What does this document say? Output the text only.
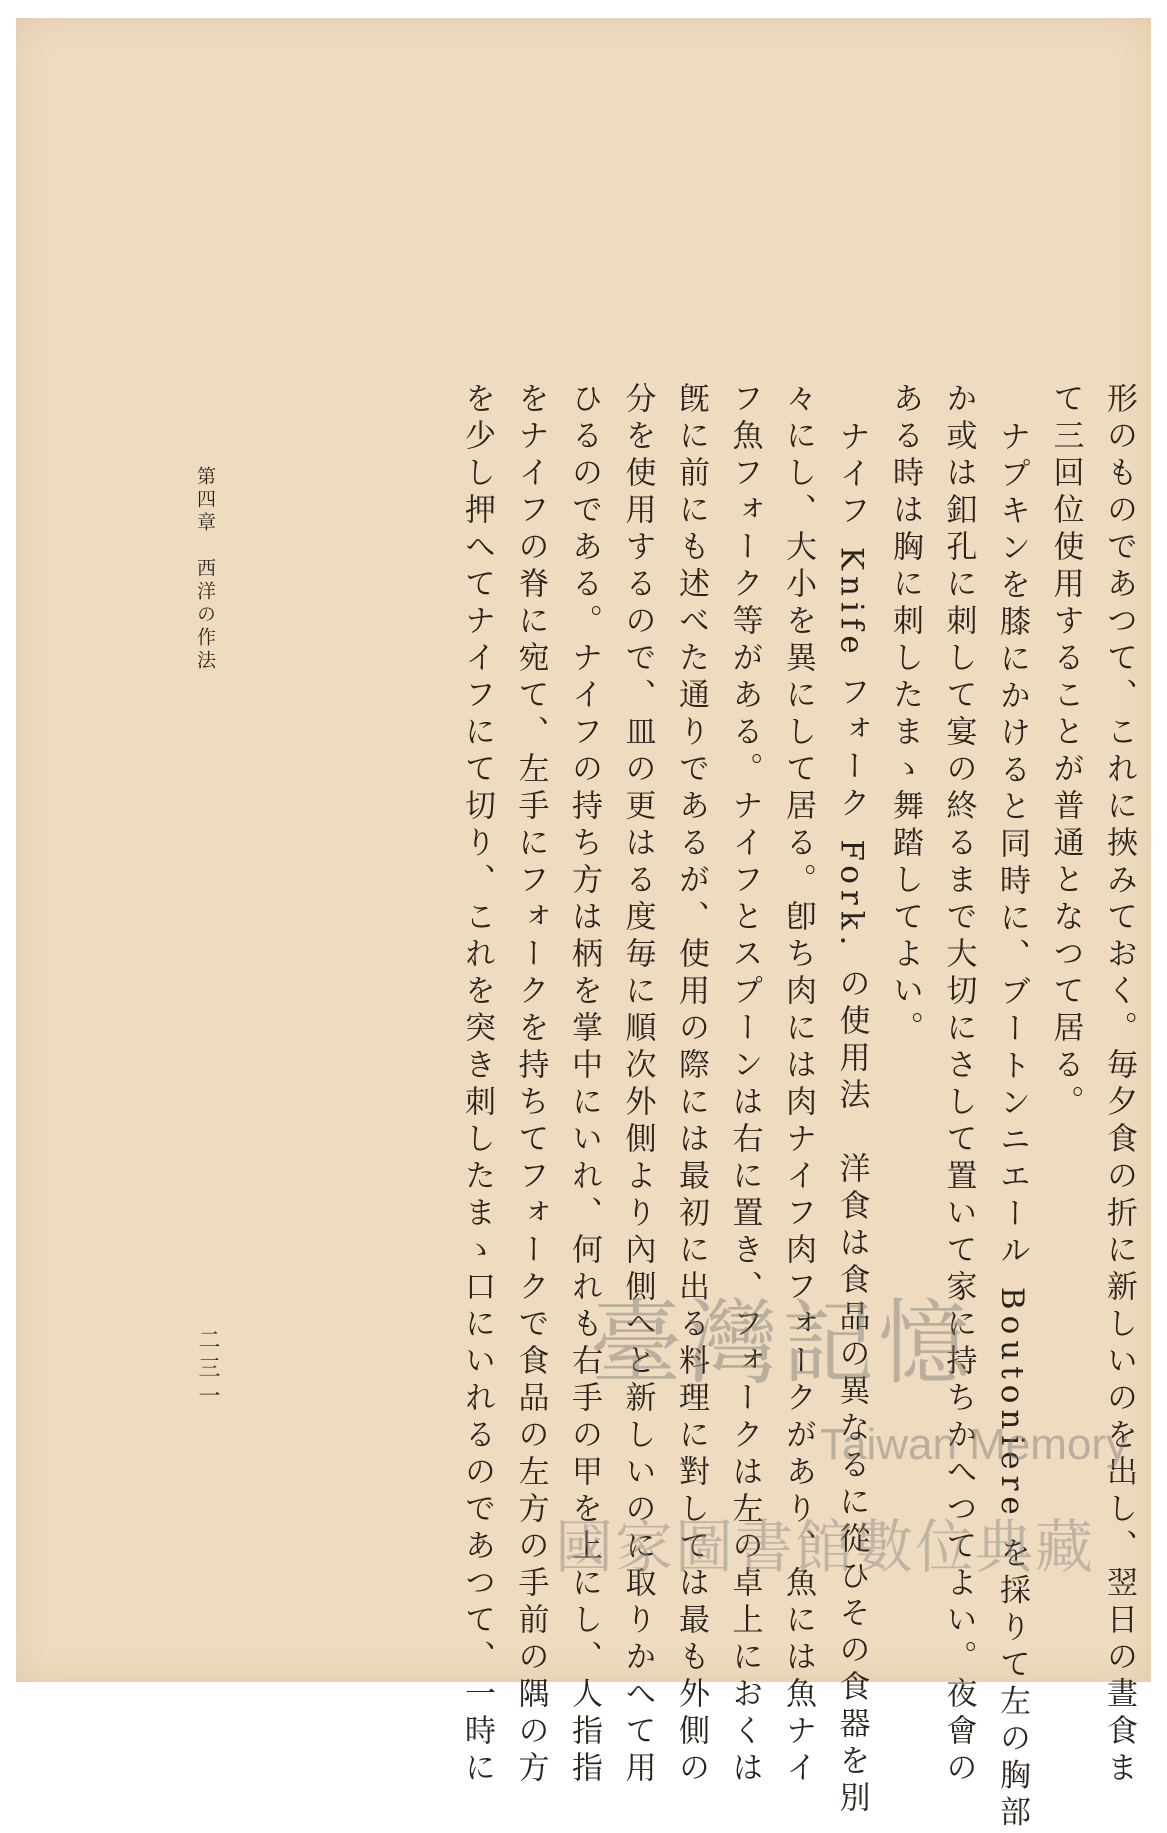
形のものであつて、これに挾みておく。毎夕食の折に新しいのを出し、翌日の晝食ま
て三回位使用することが普通となつて居る。
ナプキンを膝にかけると同時に、ブートンニエール Boutoniere を採りて左の胸部
か或は釦孔に刺して宴の終るまで大切にさして置いて家に持ちかへつてよい。夜會の
ある時は胸に刺したまゝ舞踏してよい。
ナイフ Knife フォーク Fork. の使用法　洋食は食品の異なるに從ひその食器を別
々にし、大小を異にして居る。卽ち肉には肉ナイフ肉フォークがあり、魚には魚ナイ
フ魚フォーク等がある。ナイフとスプーンは右に置き、フォークは左の卓上におくは
旣に前にも述べた通りであるが、使用の際には最初に出る料理に對しては最も外側の
分を使用するので、皿の更はる度毎に順次外側より內側へと新しいのに取りかへて用
ひるのである。ナイフの持ち方は柄を掌中にいれ、何れも右手の甲を上にし、人指指
をナイフの脊に宛て、左手にフォークを持ちてフォークで食品の左方の手前の隅の方
を少し押へてナイフにて切り、これを突き刺したまゝ口にいれるのであつて、一時に
第四章　西洋の作法
二三一	臺灣記憶
Taiwan Memory
國家圖書館數位典藏
